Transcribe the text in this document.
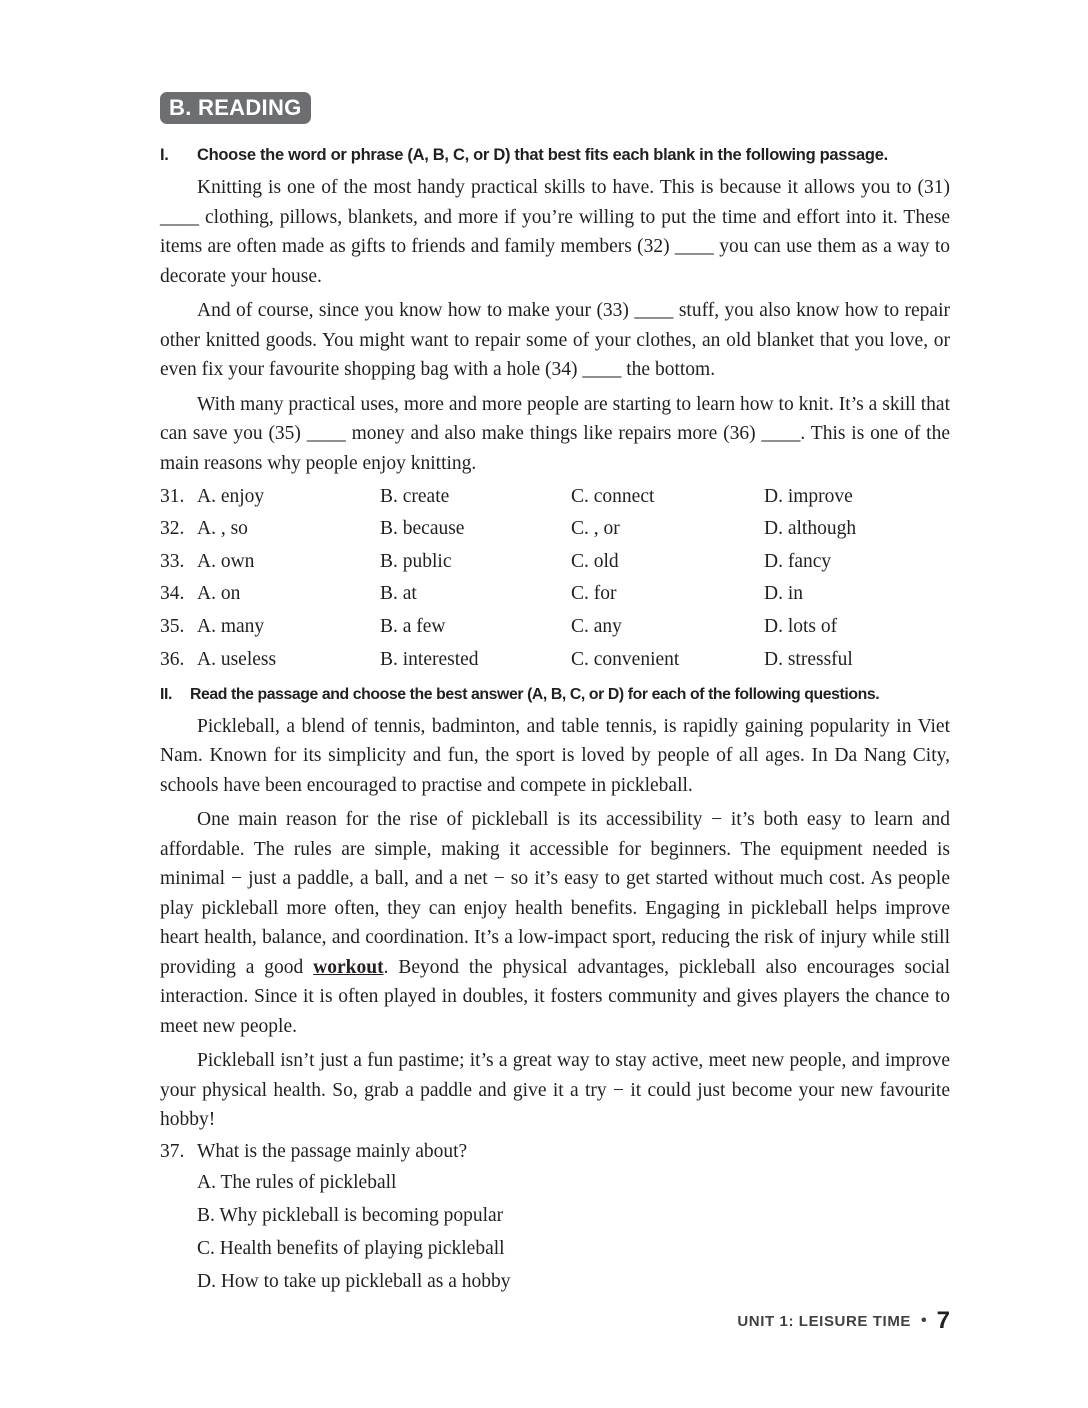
B. READING
I.	Choose the word or phrase (A, B, C, or D) that best fits each blank in the following passage.

Knitting is one of the most handy practical skills to have. This is because it allows you to (31) ____ clothing, pillows, blankets, and more if you’re willing to put the time and effort into it. These items are often made as gifts to friends and family members (32) ____ you can use them as a way to decorate your house.

And of course, since you know how to make your (33) ____ stuff, you also know how to repair other knitted goods. You might want to repair some of your clothes, an old blanket that you love, or even fix your favourite shopping bag with a hole (34) ____ the bottom.

With many practical uses, more and more people are starting to learn how to knit. It’s a skill that can save you (35) ____ money and also make things like repairs more (36) ____. This is one of the main reasons why people enjoy knitting.

31. A. enjoy	B. create	C. connect	D. improve
32. A. , so	B. because	C. , or	D. although
33. A. own	B. public	C. old	D. fancy
34. A. on	B. at	C. for	D. in
35. A. many	B. a few	C. any	D. lots of
36. A. useless	B. interested	C. convenient	D. stressful
II.	Read the passage and choose the best answer (A, B, C, or D) for each of the following questions.

Pickleball, a blend of tennis, badminton, and table tennis, is rapidly gaining popularity in Viet Nam. Known for its simplicity and fun, the sport is loved by people of all ages. In Da Nang City, schools have been encouraged to practise and compete in pickleball.

One main reason for the rise of pickleball is its accessibility − it’s both easy to learn and affordable. The rules are simple, making it accessible for beginners. The equipment needed is minimal − just a paddle, a ball, and a net − so it’s easy to get started without much cost. As people play pickleball more often, they can enjoy health benefits. Engaging in pickleball helps improve heart health, balance, and coordination. It’s a low-impact sport, reducing the risk of injury while still providing a good workout. Beyond the physical advantages, pickleball also encourages social interaction. Since it is often played in doubles, it fosters community and gives players the chance to meet new people.

Pickleball isn’t just a fun pastime; it’s a great way to stay active, meet new people, and improve your physical health. So, grab a paddle and give it a try − it could just become your new favourite hobby!

37. What is the passage mainly about?
A. The rules of pickleball
B. Why pickleball is becoming popular
C. Health benefits of playing pickleball
D. How to take up pickleball as a hobby
UNIT 1: LEISURE TIME • 7
